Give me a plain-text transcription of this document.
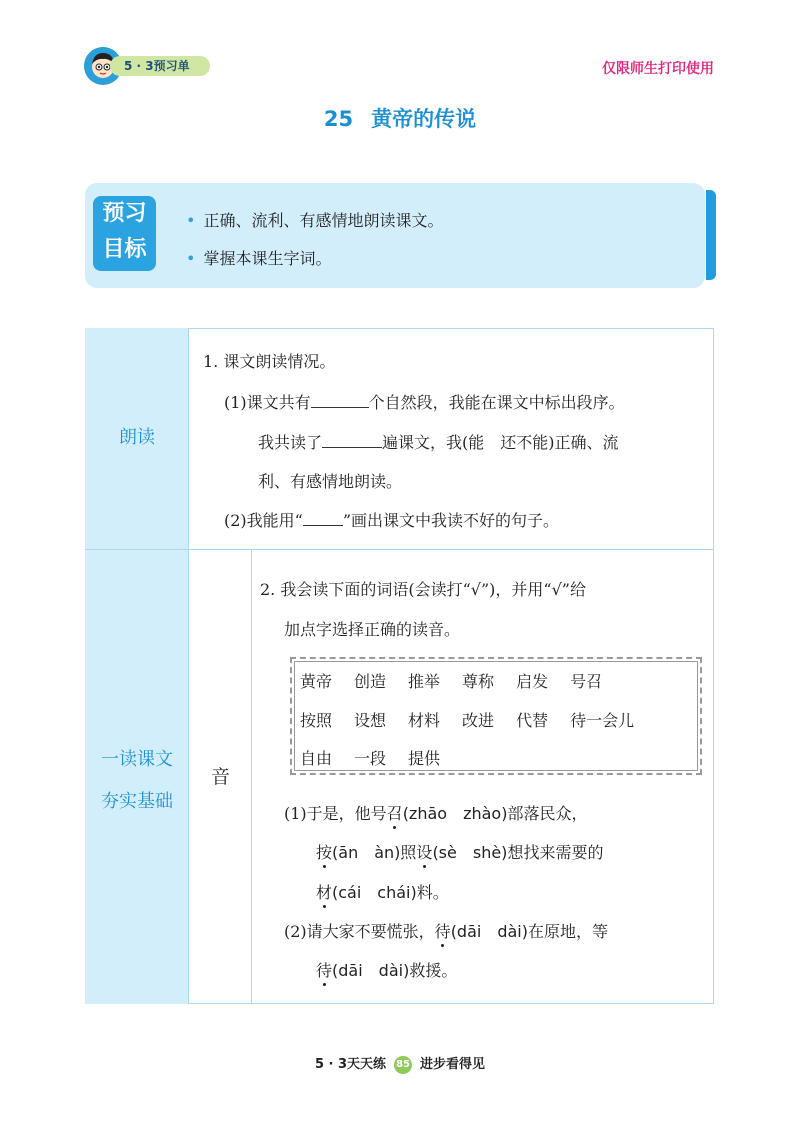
5 · 3预习单	仅限师生打印使用
25 黄帝的传说
预习
目标
• 正确、流利、有感情地朗读课文。
• 掌握本课生字词。
朗读
1. 课文朗读情况。
(1)课文共有	个自然段，我能在课文中标出段序。
我共读了	遍课文，我(能　还不能)正确、流
利、有感情地朗读。
(2)我能用“	”画出课文中我读不好的句子。
一读课文
夯实基础
音
2. 我会读下面的词语(会读打“√”)，并用“√”给
加点字选择正确的读音。
黄帝 创造 推举 尊称 启发 号召
按照 设想 材料 改进 代替 待一会儿
自由 一段 提供
(1)于是，他号召(zhāo　zhào)部落民众，
按(ān　àn)照设(sè　shè)想找来需要的
材(cái　chái)料。
(2)请大家不要慌张，待(dāi　dài)在原地，等
待(dāi　dài)救援。
5 · 3天天练 85 进步看得见
